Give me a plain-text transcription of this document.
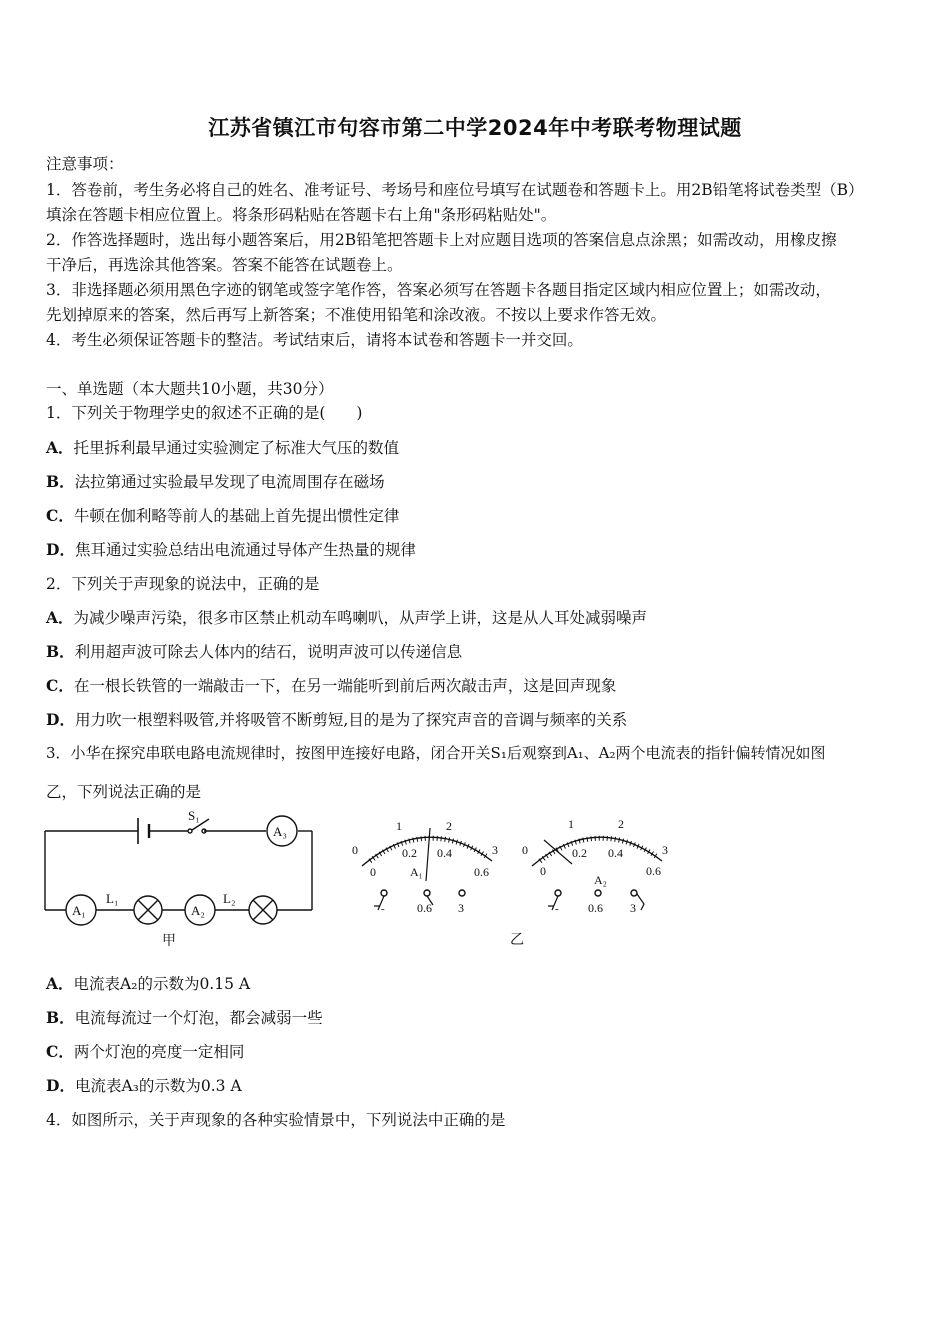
江苏省镇江市句容市第二中学2024年中考联考物理试题
注意事项：
1．答卷前，考生务必将自己的姓名、准考证号、考场号和座位号填写在试题卷和答题卡上。用2B铅笔将试卷类型（B）
填涂在答题卡相应位置上。将条形码粘贴在答题卡右上角"条形码粘贴处"。
2．作答选择题时，选出每小题答案后，用2B铅笔把答题卡上对应题目选项的答案信息点涂黑；如需改动，用橡皮擦
干净后，再选涂其他答案。答案不能答在试题卷上。
3．非选择题必须用黑色字迹的钢笔或签字笔作答，答案必须写在答题卡各题目指定区域内相应位置上；如需改动，
先划掉原来的答案，然后再写上新答案；不准使用铅笔和涂改液。不按以上要求作答无效。
4．考生必须保证答题卡的整洁。考试结束后，请将本试卷和答题卡一并交回。
一、单选题（本大题共10小题，共30分）
1．下列关于物理学史的叙述不正确的是(　　)
A．托里拆利最早通过实验测定了标准大气压的数值
B．法拉第通过实验最早发现了电流周围存在磁场
C．牛顿在伽利略等前人的基础上首先提出惯性定律
D．焦耳通过实验总结出电流通过导体产生热量的规律
2．下列关于声现象的说法中，正确的是
A．为减少噪声污染，很多市区禁止机动车鸣喇叭，从声学上讲，这是从人耳处减弱噪声
B．利用超声波可除去人体内的结石，说明声波可以传递信息
C．在一根长铁管的一端敲击一下，在另一端能听到前后两次敲击声，这是回声现象
D．用力吹一根塑料吸管,并将吸管不断剪短,目的是为了探究声音的音调与频率的关系
3．小华在探究串联电路电流规律时，按图甲连接好电路，闭合开关S₁后观察到A₁、A₂两个电流表的指针偏转情况如图
乙，下列说法正确的是
S₁
A₃
A₁
L₁
A₂
L₂
甲
0
1	2
3
0
0.2 0.4
0.6
A₁
-	0.6 3
0
1	2
3
0
0.2 0.4
0.6
A₂
- 0.6 3
乙
A．电流表A₂的示数为0.15 A
B．电流每流过一个灯泡，都会减弱一些
C．两个灯泡的亮度一定相同
D．电流表A₃的示数为0.3 A
4．如图所示，关于声现象的各种实验情景中，下列说法中正确的是
